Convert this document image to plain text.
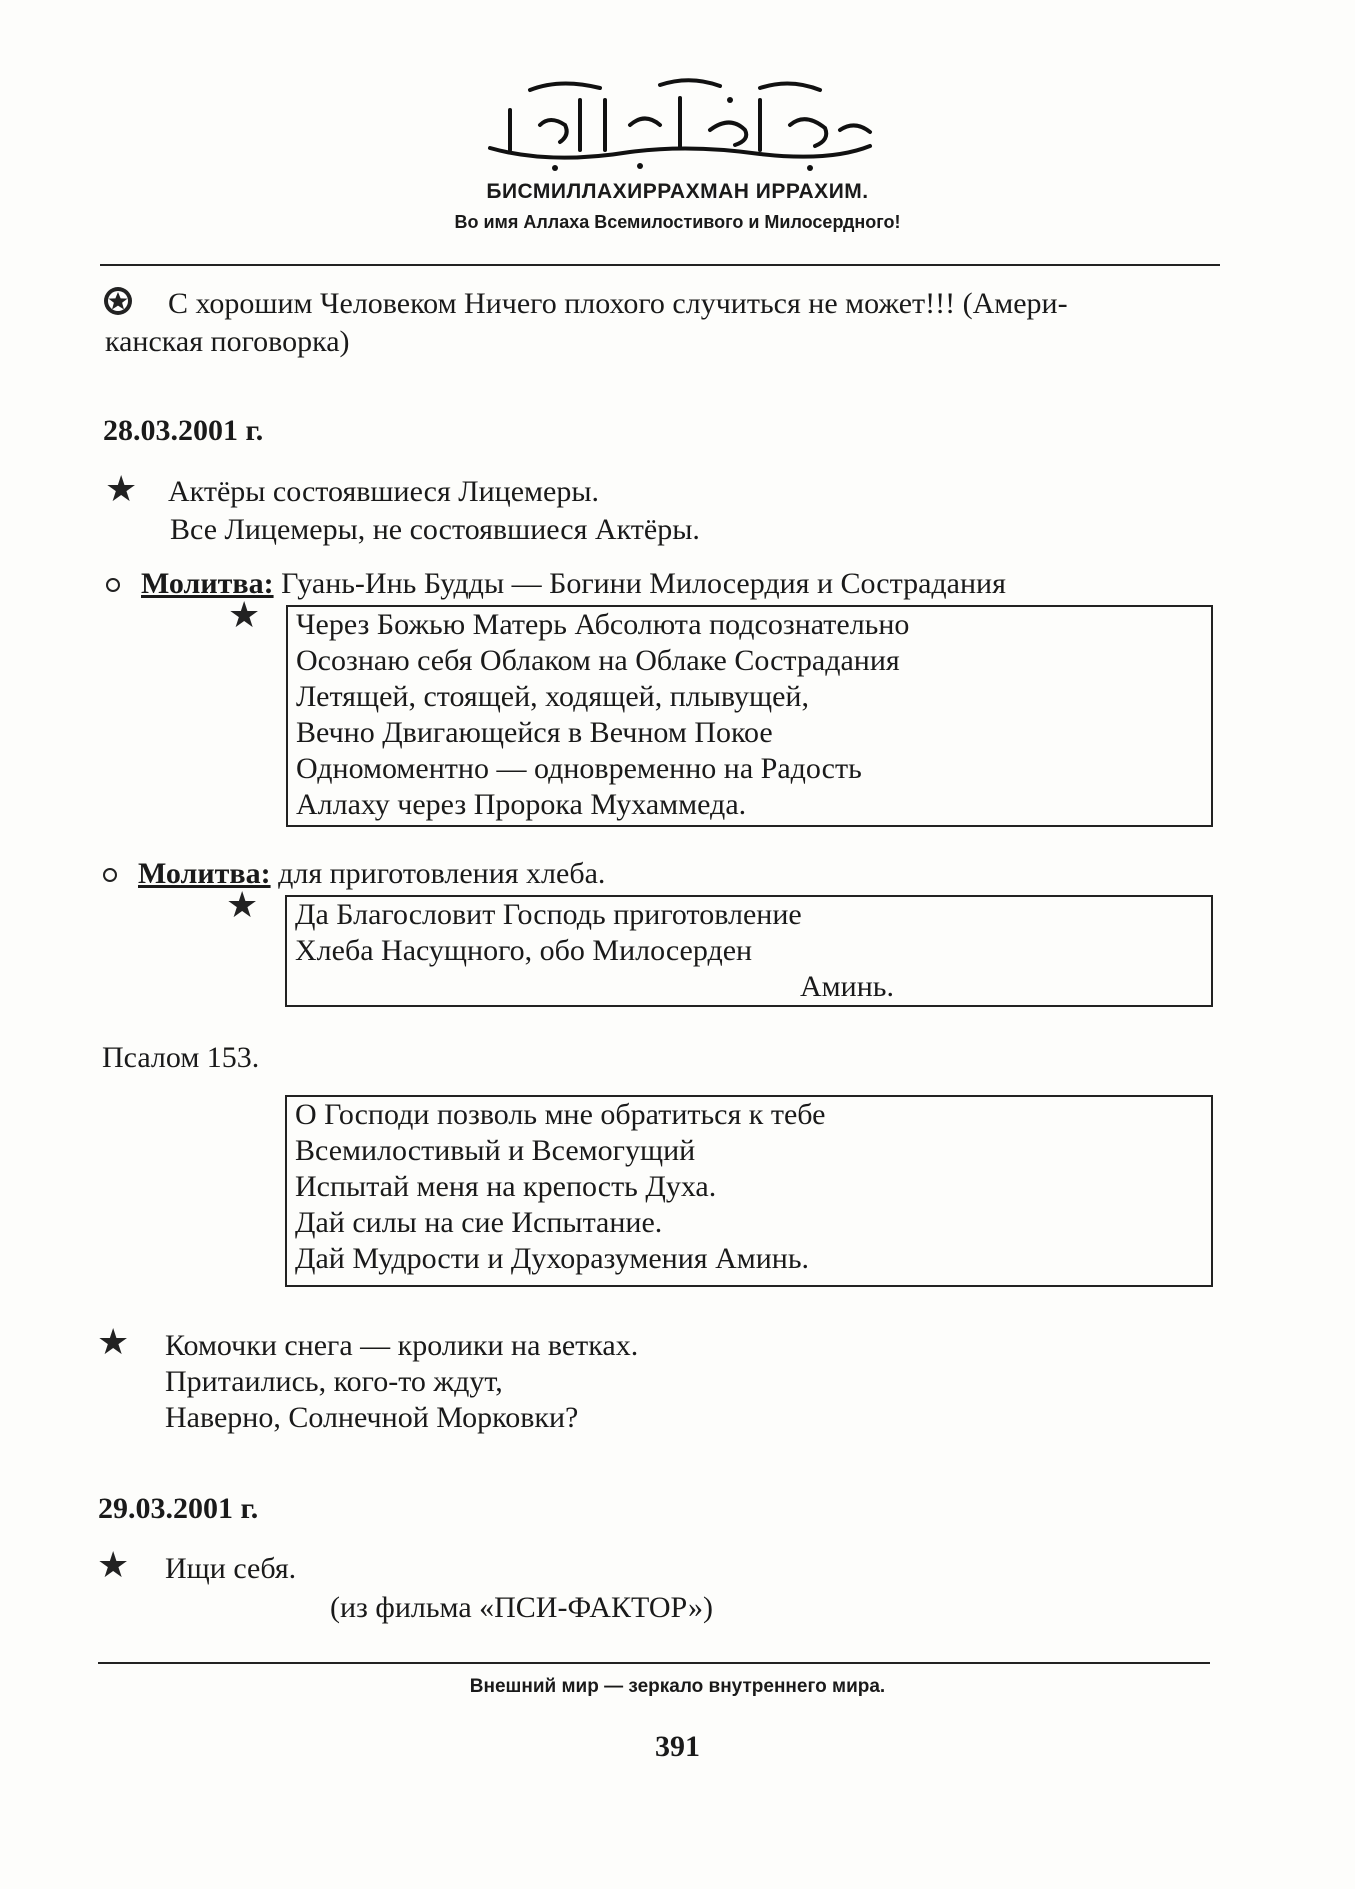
БИСМИЛЛАХИРРАХМАН ИРРАХИМ.
Во имя Аллаха Всемилостивого и Милосердного!
С хорошим Человеком Ничего плохого случиться не может!!! (Амери-
канская поговорка)
28.03.2001 г.
★ Актёры состоявшиеся Лицемеры.
Все Лицемеры, не состоявшиеся Актёры.
Молитва: Гуань-Инь Будды — Богини Милосердия и Сострадания
★ Через Божью Матерь Абсолюта подсознательно
Осознаю себя Облаком на Облаке Сострадания
Летящей, стоящей, ходящей, плывущей,
Вечно Двигающейся в Вечном Покое
Одномоментно — одновременно на Радость
Аллаху через Пророка Мухаммеда.
Молитва: для приготовления хлеба.
★ Да Благословит Господь приготовление
Хлеба Насущного, обо Милосерден
Аминь.
Псалом 153.
О Господи позволь мне обратиться к тебе
Всемилостивый и Всемогущий
Испытай меня на крепость Духа.
Дай силы на сие Испытание.
Дай Мудрости и Духоразумения Аминь.
★ Комочки снега — кролики на ветках.
Притаились, кого-то ждут,
Наверно, Солнечной Морковки?
29.03.2001 г.
★ Ищи себя.
(из фильма «ПСИ-ФАКТОР»)
Внешний мир — зеркало внутреннего мира.
391
